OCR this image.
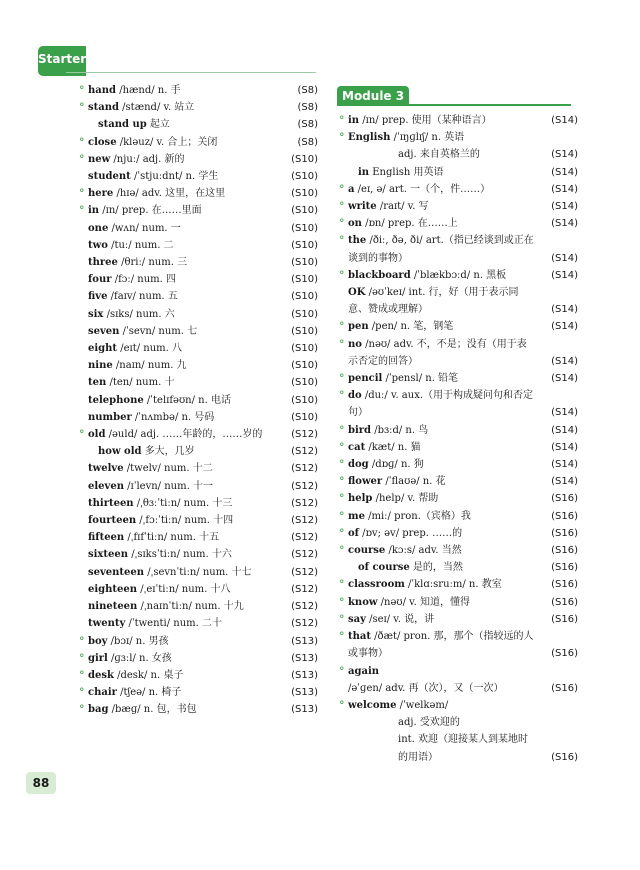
Starter
° hand /hænd/ n. 手	(S8)
° stand /stænd/ v. 站立	(S8)
stand up 起立	(S8)
° close /kləuz/ v. 合上；关闭	(S8)
° new /njuː/ adj. 新的	(S10)
student /ˈstjuːdnt/ n. 学生	(S10)
° here /hɪə/ adv. 这里，在这里	(S10)
° in /ɪn/ prep. 在……里面	(S10)
one /wʌn/ num. 一	(S10)
two /tuː/ num. 二	(S10)
three /θriː/ num. 三	(S10)
four /fɔː/ num. 四	(S10)
five /faɪv/ num. 五	(S10)
six /sɪks/ num. 六	(S10)
seven /ˈsevn/ num. 七	(S10)
eight /eɪt/ num. 八	(S10)
nine /naɪn/ num. 九	(S10)
ten /ten/ num. 十	(S10)
telephone /ˈtelɪfəʊn/ n. 电话	(S10)
number /ˈnʌmbə/ n. 号码	(S10)
° old /əuld/ adj. ……年龄的，……岁的	(S12)
how old 多大，几岁	(S12)
twelve /twelv/ num. 十二	(S12)
eleven /ɪˈlevn/ num. 十一	(S12)
thirteen /ˌθɜːˈtiːn/ num. 十三	(S12)
fourteen /ˌfɔːˈtiːn/ num. 十四	(S12)
fifteen /ˌfɪfˈtiːn/ num. 十五	(S12)
sixteen /ˌsɪksˈtiːn/ num. 十六	(S12)
seventeen /ˌsevnˈtiːn/ num. 十七	(S12)
eighteen /ˌeɪˈtiːn/ num. 十八	(S12)
nineteen /ˌnaɪnˈtiːn/ num. 十九	(S12)
twenty /ˈtwenti/ num. 二十	(S12)
° boy /bɔɪ/ n. 男孩	(S13)
° girl /ɡɜːl/ n. 女孩	(S13)
° desk /desk/ n. 桌子	(S13)
° chair /tʃeə/ n. 椅子	(S13)
° bag /bæɡ/ n. 包，书包	(S13)
Module 3
° in /ɪn/ prep. 使用（某种语言）	(S14)
° English /ˈɪŋɡlɪʃ/ n. 英语
adj. 来自英格兰的	(S14)
in English 用英语	(S14)
° a /eɪ, ə/ art. 一（个，件……）	(S14)
° write /raɪt/ v. 写	(S14)
° on /ɒn/ prep. 在……上	(S14)
° the /ðiː, ðə, ði/ art.（指已经谈到或正在谈到的事物）	(S14)
° blackboard /ˈblækbɔːd/ n. 黑板	(S14)
OK /əʊˈkeɪ/ int. 行，好（用于表示同意、赞成或理解）	(S14)
° pen /pen/ n. 笔，钢笔	(S14)
° no /nəʊ/ adv. 不，不是；没有（用于表示否定的回答）	(S14)
° pencil /ˈpensl/ n. 铅笔	(S14)
° do /duː/ v. aux.（用于构成疑问句和否定句）	(S14)
° bird /bɜːd/ n. 鸟	(S14)
° cat /kæt/ n. 猫	(S14)
° dog /dɒɡ/ n. 狗	(S14)
° flower /ˈflaʊə/ n. 花	(S14)
° help /help/ v. 帮助	(S16)
° me /miː/ pron.（宾格）我	(S16)
° of /ɒv; əv/ prep. ……的	(S16)
° course /kɔːs/ adv. 当然	(S16)
of course 是的，当然	(S16)
° classroom /ˈklɑːsruːm/ n. 教室	(S16)
° know /nəʊ/ v. 知道，懂得	(S16)
° say /seɪ/ v. 说，讲	(S16)
° that /ðæt/ pron. 那，那个（指较远的人或事物）	(S16)
° again /əˈɡen/ adv. 再（次），又（一次）	(S16)
° welcome /ˈwelkəm/
adj. 受欢迎的
int. 欢迎（迎接某人到某地时的用语）	(S16)
88
